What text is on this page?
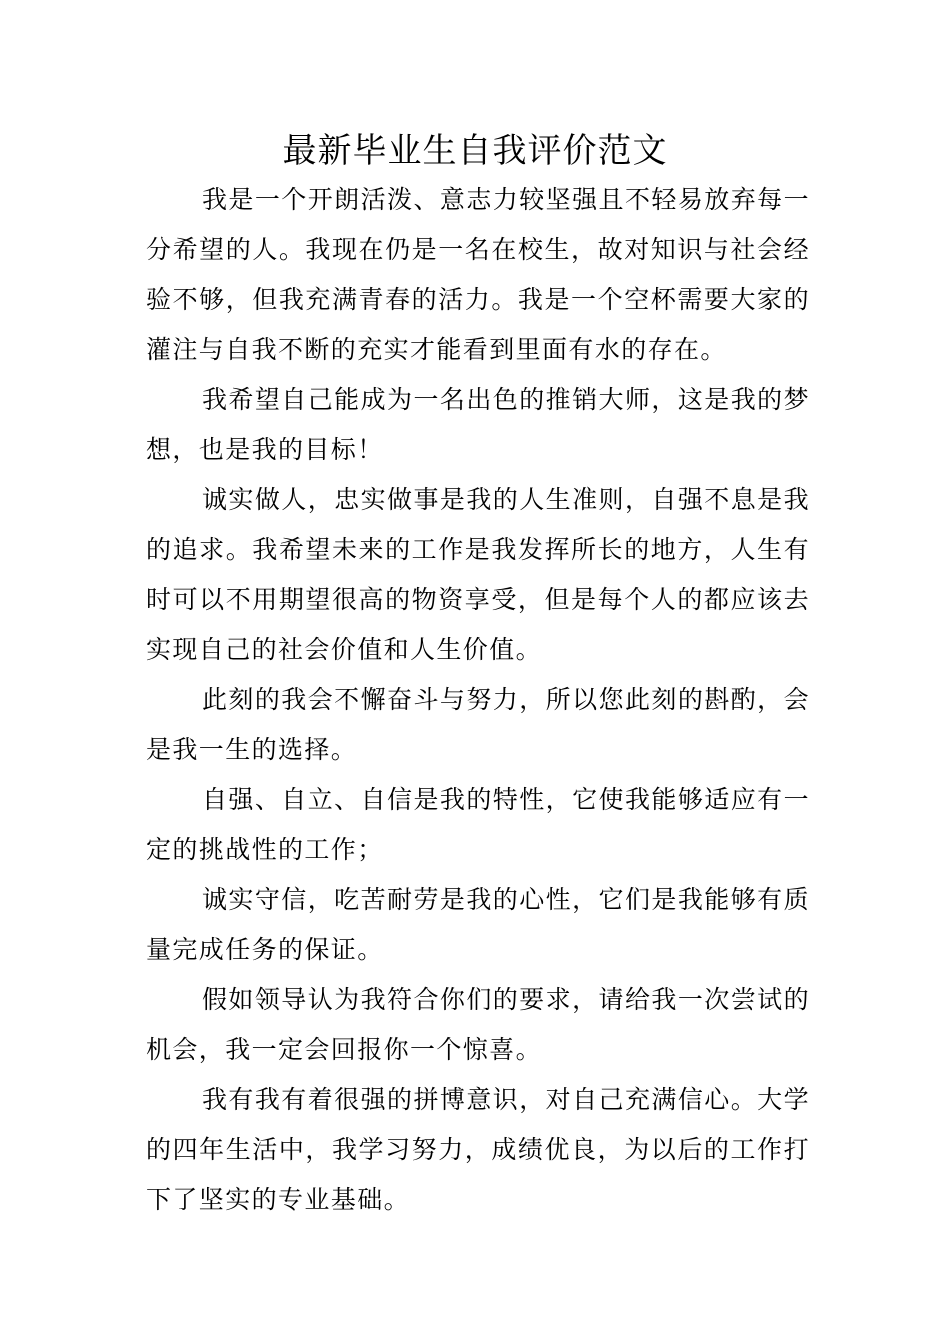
最新毕业生自我评价范文

我是一个开朗活泼、意志力较坚强且不轻易放弃每一分希望的人。我现在仍是一名在校生，故对知识与社会经验不够，但我充满青春的活力。我是一个空杯需要大家的灌注与自我不断的充实才能看到里面有水的存在。

我希望自己能成为一名出色的推销大师，这是我的梦想，也是我的目标！

诚实做人，忠实做事是我的人生准则，自强不息是我的追求。我希望未来的工作是我发挥所长的地方，人生有时可以不用期望很高的物资享受，但是每个人的都应该去实现自己的社会价值和人生价值。

此刻的我会不懈奋斗与努力，所以您此刻的斟酌，会是我一生的选择。

自强、自立、自信是我的特性，它使我能够适应有一定的挑战性的工作；

诚实守信，吃苦耐劳是我的心性，它们是我能够有质量完成任务的保证。

假如领导认为我符合你们的要求，请给我一次尝试的机会，我一定会回报你一个惊喜。

我有我有着很强的拼博意识，对自己充满信心。大学的四年生活中，我学习努力，成绩优良，为以后的工作打下了坚实的专业基础。
